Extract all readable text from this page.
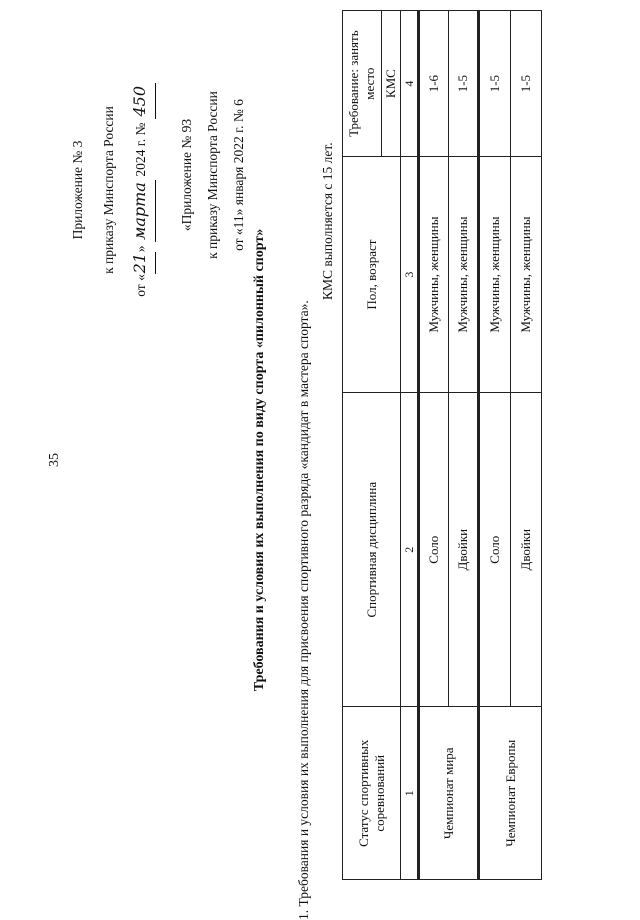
35
Приложение № 3	к приказу Минспорта России
от «21» марта 2024 г. № 450
«Приложение № 93 к приказу Минспорта России от «11» января 2022 г. № 6
Требования и условия их выполнения по виду спорта «пилонный спорт» 1. Требования и условия их выполнения для присвоения спортивного разряда «кандидат в мастера спорта».
КМС выполняется с 15 лет.
Статус спортивных соревнований	Спортивная дисциплина	Пол, возраст	Требование: занять место
			КМС
1	2	3	4
Чемпионат мира	Соло	Мужчины, женщины	1-6
	Двойки	Мужчины, женщины	1-5
Чемпионат Европы	Соло	Мужчины, женщины	1-5
	Двойки	Мужчины, женщины	1-5
